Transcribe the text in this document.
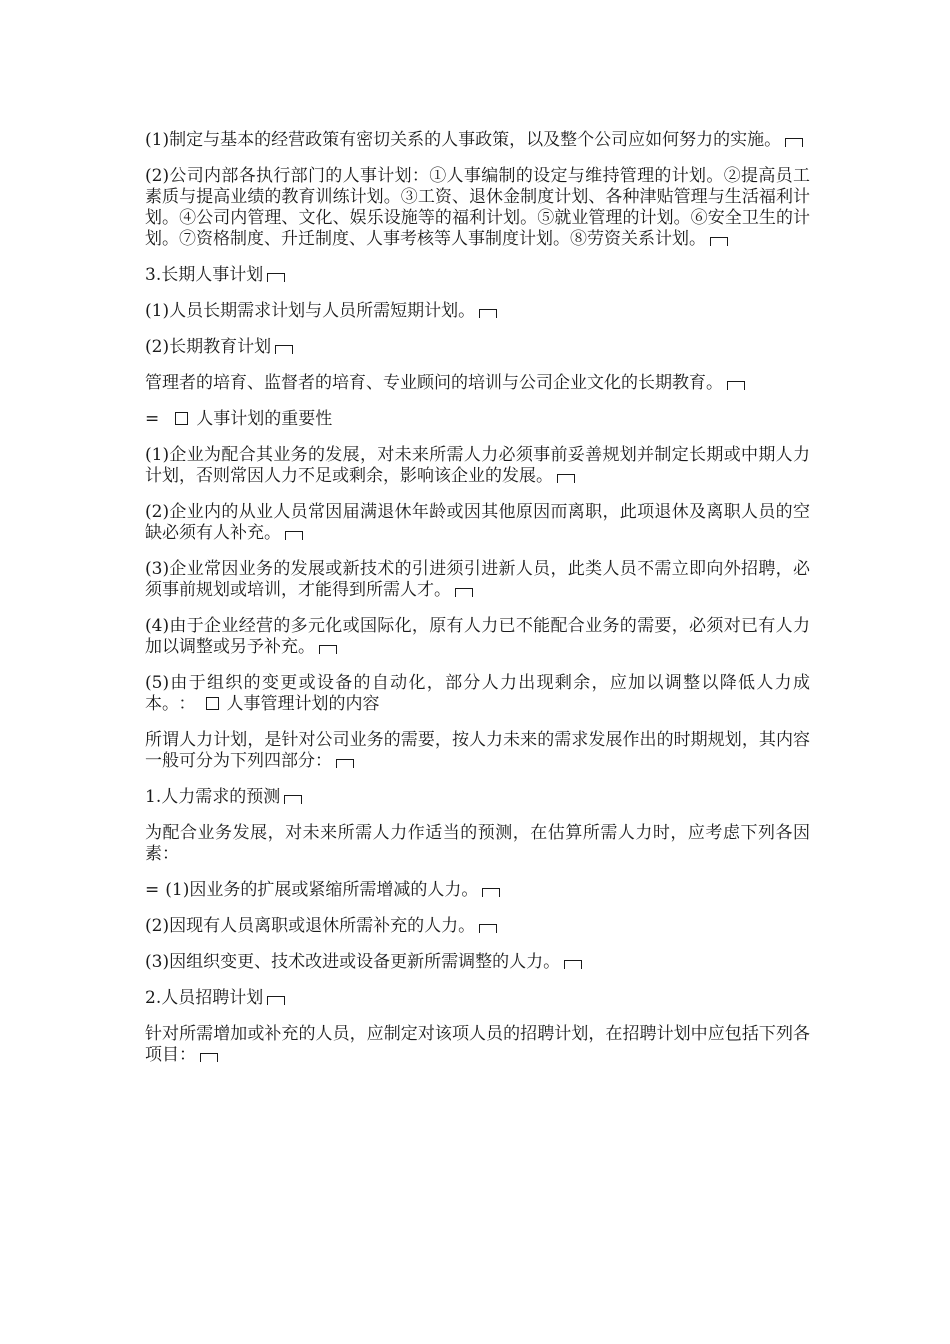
(1)制定与基本的经营政策有密切关系的人事政策，以及整个公司应如何努力的实施。

(2)公司内部各执行部门的人事计划：①人事编制的设定与维持管理的计划。②提高员工素质与提高业绩的教育训练计划。③工资、退休金制度计划、各种津贴管理与生活福利计划。④公司内管理、文化、娱乐设施等的福利计划。⑤就业管理的计划。⑥安全卫生的计划。⑦资格制度、升迁制度、人事考核等人事制度计划。⑧劳资关系计划。

3.长期人事计划

(1)人员长期需求计划与人员所需短期计划。

(2)长期教育计划

管理者的培育、监督者的培育、专业顾问的培训与公司企业文化的长期教育。

= 人事计划的重要性

(1)企业为配合其业务的发展，对未来所需人力必须事前妥善规划并制定长期或中期人力计划，否则常因人力不足或剩余，影响该企业的发展。

(2)企业内的从业人员常因届满退休年龄或因其他原因而离职，此项退休及离职人员的空缺必须有人补充。

(3)企业常因业务的发展或新技术的引进须引进新人员，此类人员不需立即向外招聘，必须事前规划或培训，才能得到所需人才。

(4)由于企业经营的多元化或国际化，原有人力已不能配合业务的需要，必须对已有人力加以调整或另予补充。

(5)由于组织的变更或设备的自动化，部分人力出现剩余，应加以调整以降低人力成本。 ： 人事管理计划的内容

所谓人力计划，是针对公司业务的需要，按人力未来的需求发展作出的时期规划，其内容一般可分为下列四部分：

1.人力需求的预测

为配合业务发展，对未来所需人力作适当的预测，在估算所需人力时，应考虑下列各因素：

= (1)因业务的扩展或紧缩所需增减的人力。

(2)因现有人员离职或退休所需补充的人力。

(3)因组织变更、技术改进或设备更新所需调整的人力。

2.人员招聘计划

针对所需增加或补充的人员，应制定对该项人员的招聘计划，在招聘计划中应包括下列各项目：
